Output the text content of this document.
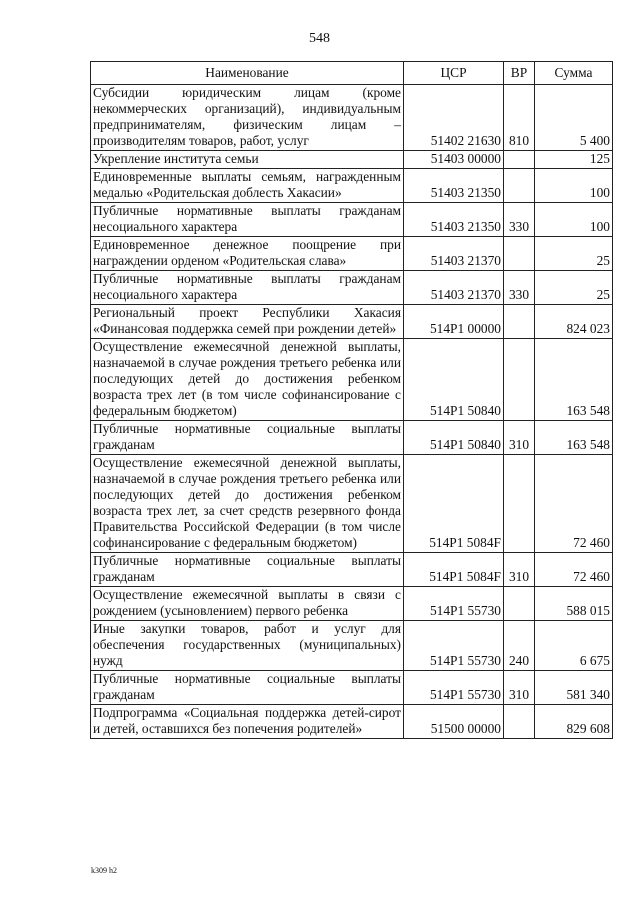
548
Наименование	ЦСР	ВР	Сумма
Субсидии юридическим лицам (кроме некоммерческих организаций), индивидуальным предпринимателям, физическим лицам – производителям товаров, работ, услуг	51402 21630	810	5 400
Укрепление института семьи	51403 00000		125
Единовременные выплаты семьям, награжденным медалью «Родительская доблесть Хакасии»	51403 21350		100
Публичные нормативные выплаты гражданам несоциального характера	51403 21350	330	100
Единовременное денежное поощрение при награждении орденом «Родительская слава»	51403 21370		25
Публичные нормативные выплаты гражданам несоциального характера	51403 21370	330	25
Региональный проект Республики Хакасия «Финансовая поддержка семей при рождении детей»	514P1 00000		824 023
Осуществление ежемесячной денежной выплаты, назначаемой в случае рождения третьего ребенка или последующих детей до достижения ребенком возраста трех лет (в том числе софинансирование с федеральным бюджетом)	514P1 50840		163 548
Публичные нормативные социальные выплаты гражданам	514P1 50840	310	163 548
Осуществление ежемесячной денежной выплаты, назначаемой в случае рождения третьего ребенка или последующих детей до достижения ребенком возраста трех лет, за счет средств резервного фонда Правительства Российской Федерации (в том числе софинансирование с федеральным бюджетом)	514P1 5084F		72 460
Публичные нормативные социальные выплаты гражданам	514P1 5084F	310	72 460
Осуществление ежемесячной выплаты в связи с рождением (усыновлением) первого ребенка	514P1 55730		588 015
Иные закупки товаров, работ и услуг для обеспечения государственных (муниципальных) нужд	514P1 55730	240	6 675
Публичные нормативные социальные выплаты гражданам	514P1 55730	310	581 340
Подпрограмма «Социальная поддержка детей-сирот и детей, оставшихся без попечения родителей»	51500 00000		829 608
k309 h2
